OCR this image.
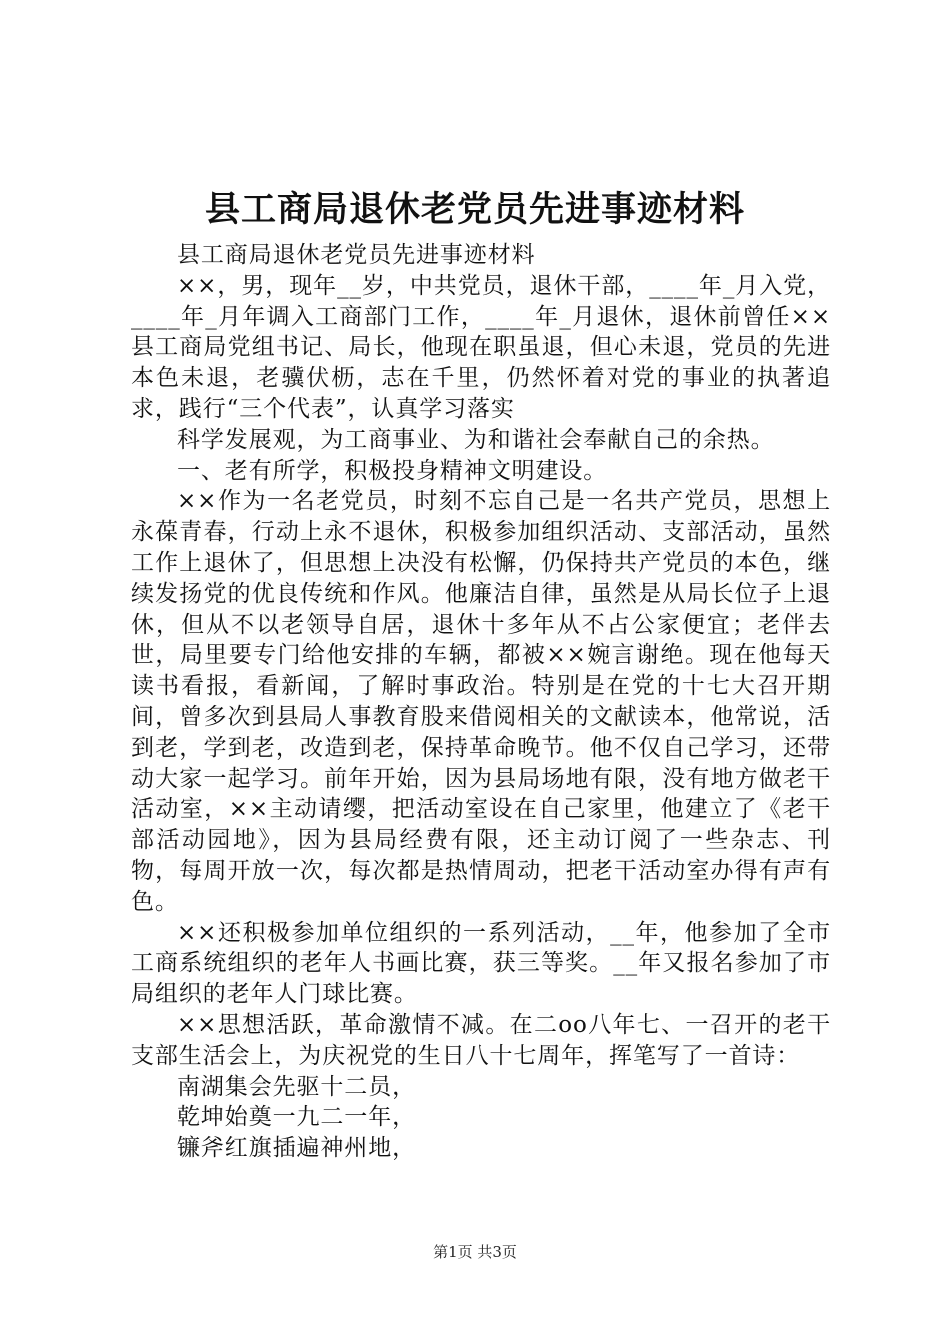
县工商局退休老党员先进事迹材料

县工商局退休老党员先进事迹材料

××，男，现年__岁，中共党员，退休干部，____年_月入党，____年_月年调入工商部门工作，____年_月退休，退休前曾任××县工商局党组书记、局长，他现在职虽退，但心未退，党员的先进本色未退，老骥伏枥，志在千里，仍然怀着对党的事业的执著追求，践行“三个代表”，认真学习落实

科学发展观，为工商事业、为和谐社会奉献自己的余热。

一、老有所学，积极投身精神文明建设。

××作为一名老党员，时刻不忘自己是一名共产党员，思想上永葆青春，行动上永不退休，积极参加组织活动、支部活动，虽然工作上退休了，但思想上决没有松懈，仍保持共产党员的本色，继续发扬党的优良传统和作风。他廉洁自律，虽然是从局长位子上退休，但从不以老领导自居，退休十多年从不占公家便宜；老伴去世，局里要专门给他安排的车辆，都被××婉言谢绝。现在他每天读书看报，看新闻，了解时事政治。特别是在党的十七大召开期间，曾多次到县局人事教育股来借阅相关的文献读本，他常说，活到老，学到老，改造到老，保持革命晚节。他不仅自己学习，还带动大家一起学习。前年开始，因为县局场地有限，没有地方做老干活动室，××主动请缨，把活动室设在自己家里，他建立了《老干部活动园地》，因为县局经费有限，还主动订阅了一些杂志、刊物，每周开放一次，每次都是热情周动，把老干活动室办得有声有色。

××还积极参加单位组织的一系列活动，__年，他参加了全市工商系统组织的老年人书画比赛，获三等奖。__年又报名参加了市局组织的老年人门球比赛。

××思想活跃，革命激情不减。在二oo八年七、一召开的老干支部生活会上，为庆祝党的生日八十七周年，挥笔写了一首诗：

南湖集会先驱十二员，

乾坤始奠一九二一年，

镰斧红旗插遍神州地，

第1页 共3页
